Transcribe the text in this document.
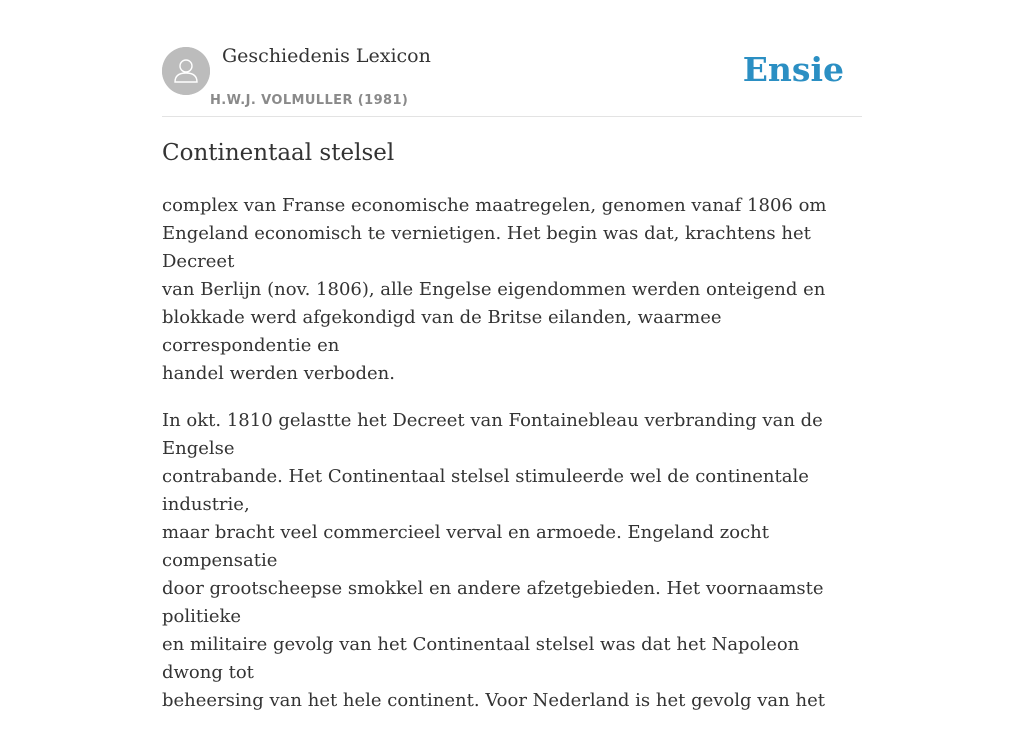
Geschiedenis Lexicon
H.W.J. VOLMULLER (1981)
Ensie
Continentaal stelsel

complex van Franse economische maatregelen, genomen vanaf 1806 om
Engeland economisch te vernietigen. Het begin was dat, krachtens het Decreet
van Berlijn (nov. 1806), alle Engelse eigendommen werden onteigend en
blokkade werd afgekondigd van de Britse eilanden, waarmee correspondentie en
handel werden verboden.

In okt. 1810 gelastte het Decreet van Fontainebleau verbranding van de Engelse
contrabande. Het Continentaal stelsel stimuleerde wel de continentale industrie,
maar bracht veel commercieel verval en armoede. Engeland zocht compensatie
door grootscheepse smokkel en andere afzetgebieden. Het voornaamste politieke
en militaire gevolg van het Continentaal stelsel was dat het Napoleon dwong tot
beheersing van het hele continent. Voor Nederland is het gevolg van het
